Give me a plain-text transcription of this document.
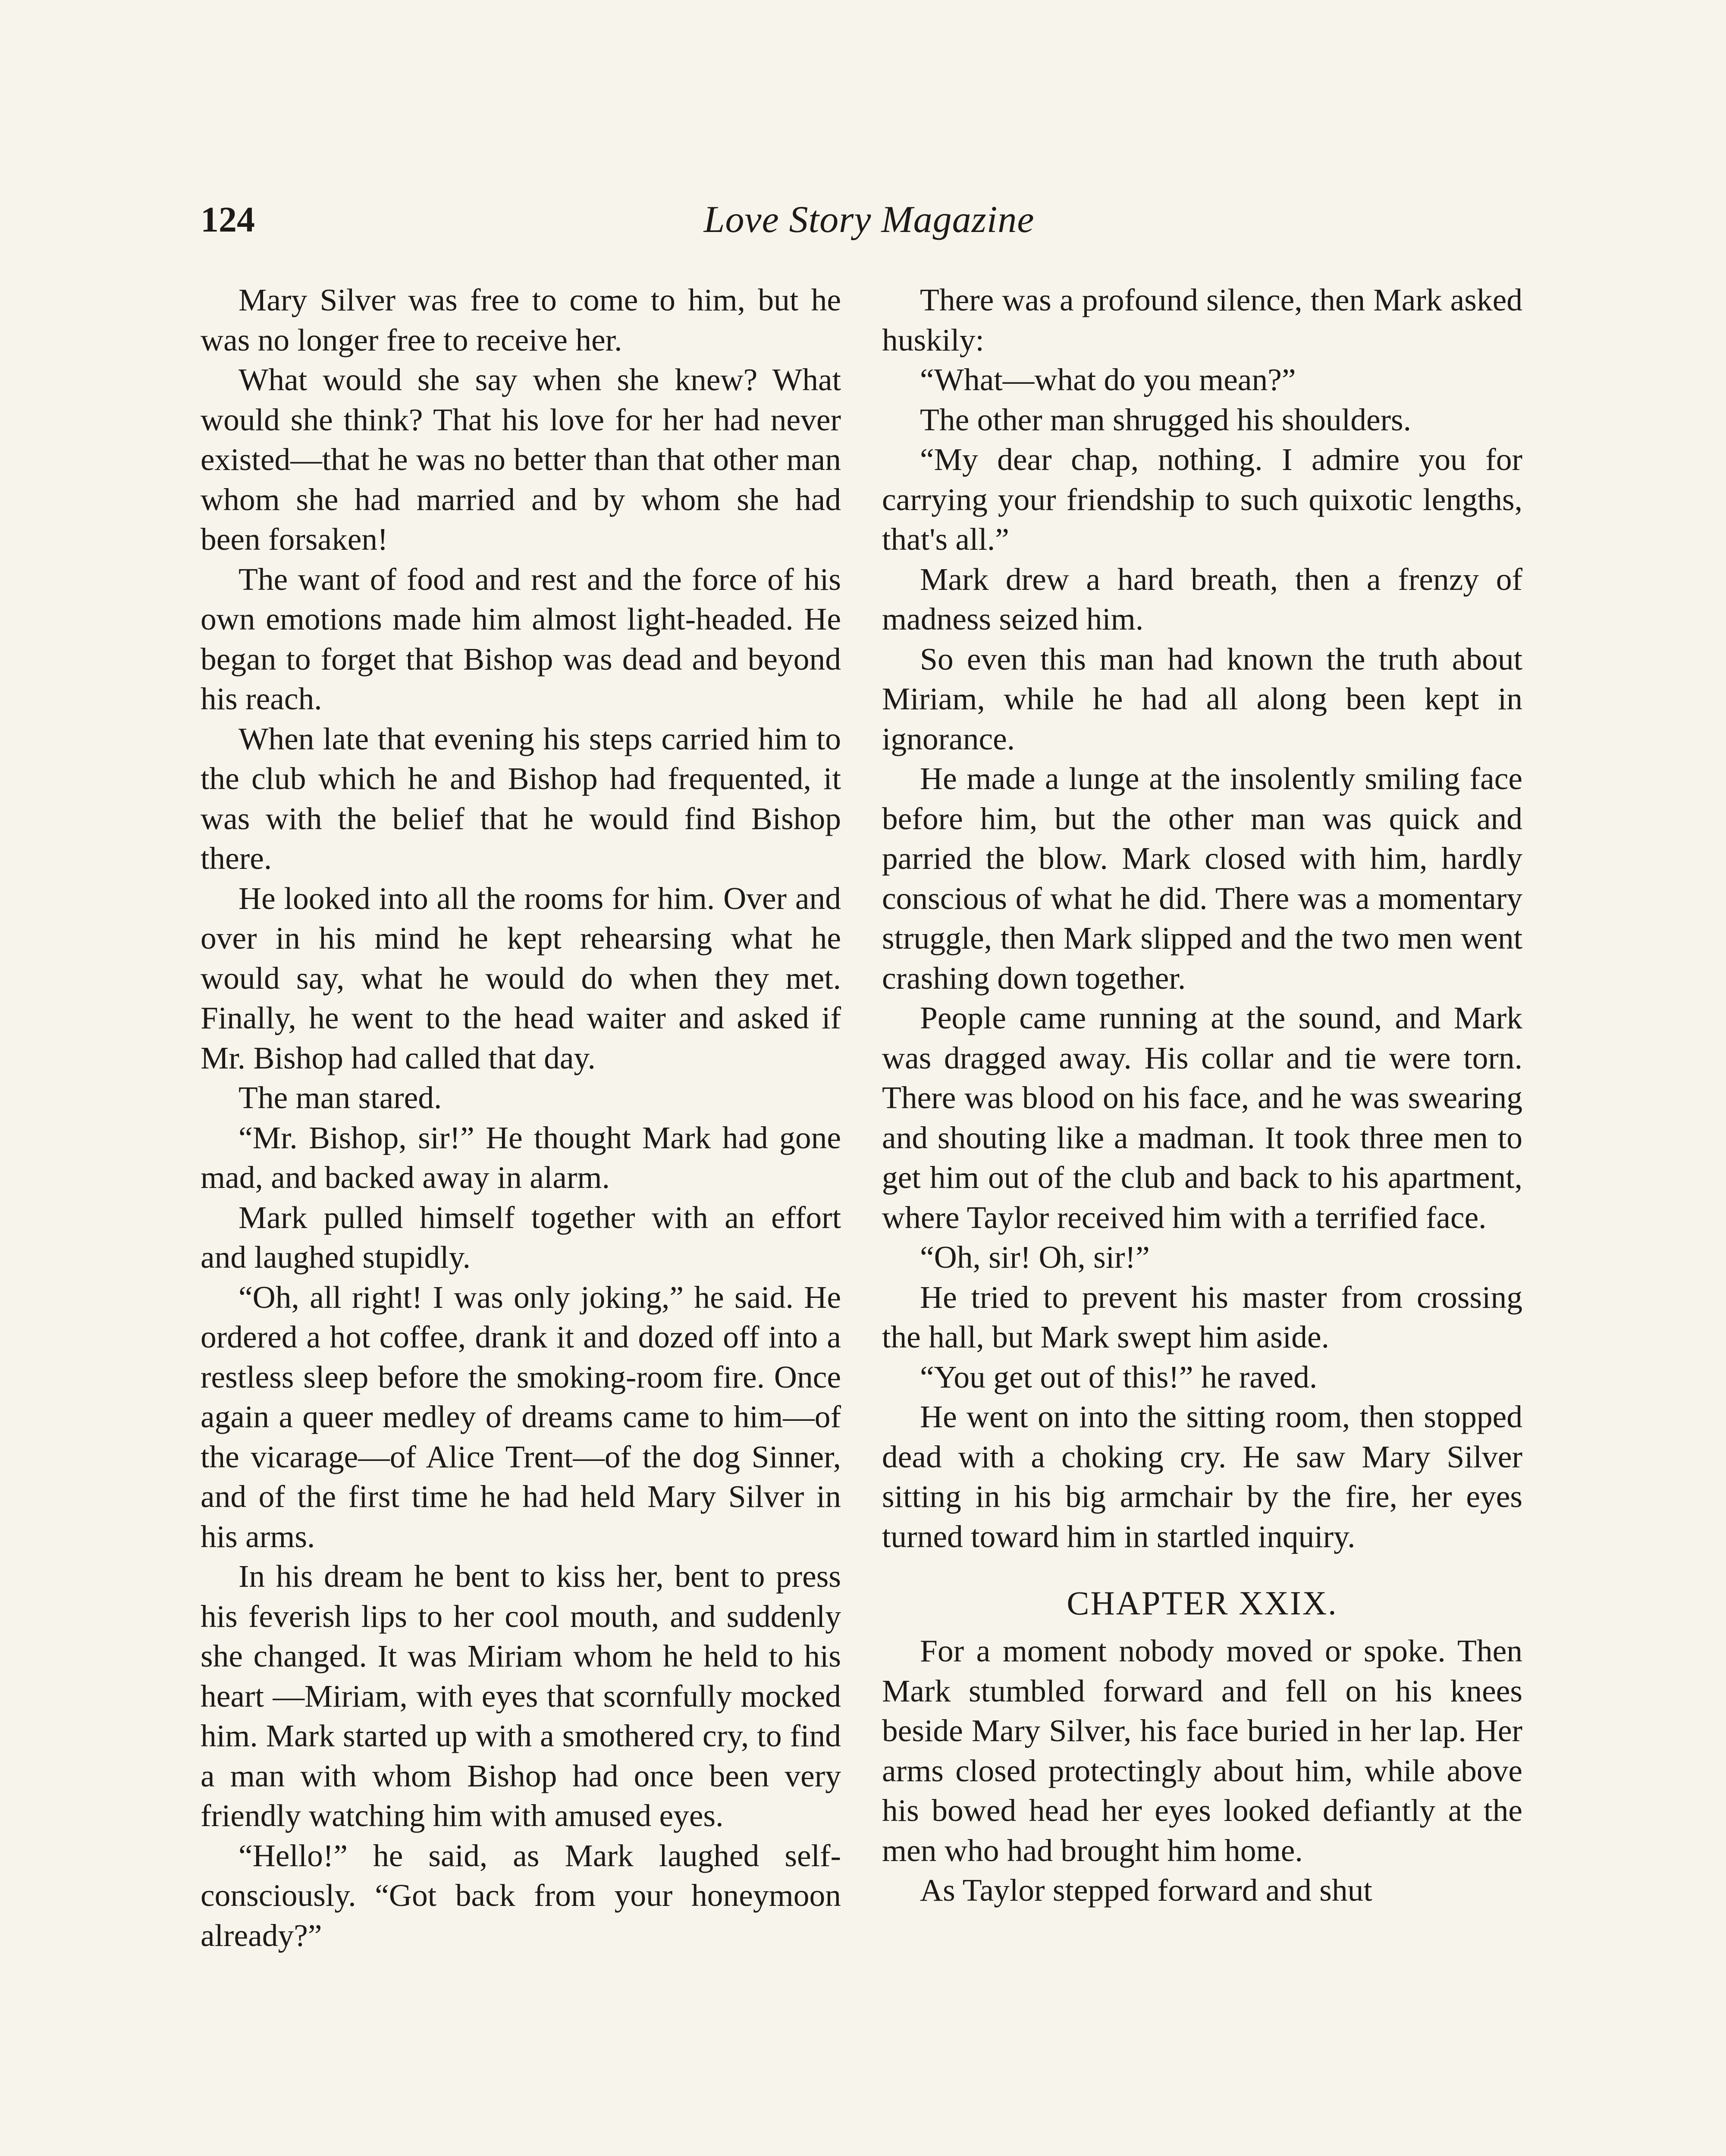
124	Love Story Magazine

Mary Silver was free to come to him, but he was no longer free to receive her.

What would she say when she knew? What would she think? That his love for her had never existed—that he was no better than that other man whom she had married and by whom she had been forsaken!

The want of food and rest and the force of his own emotions made him almost light-headed. He began to forget that Bishop was dead and beyond his reach.

When late that evening his steps carried him to the club which he and Bishop had frequented, it was with the belief that he would find Bishop there.

He looked into all the rooms for him. Over and over in his mind he kept rehearsing what he would say, what he would do when they met. Finally, he went to the head waiter and asked if Mr. Bishop had called that day.

The man stared.

“Mr. Bishop, sir!” He thought Mark had gone mad, and backed away in alarm.

Mark pulled himself together with an effort and laughed stupidly.

“Oh, all right! I was only joking,” he said. He ordered a hot coffee, drank it and dozed off into a restless sleep before the smoking-room fire. Once again a queer medley of dreams came to him—of the vicarage—of Alice Trent—of the dog Sinner, and of the first time he had held Mary Silver in his arms.

In his dream he bent to kiss her, bent to press his feverish lips to her cool mouth, and suddenly she changed. It was Miriam whom he held to his heart —Miriam, with eyes that scornfully mocked him. Mark started up with a smothered cry, to find a man with whom Bishop had once been very friendly watching him with amused eyes.

“Hello!” he said, as Mark laughed self-consciously. “Got back from your honeymoon already?”

There was a profound silence, then Mark asked huskily:

“What—what do you mean?”

The other man shrugged his shoulders.

“My dear chap, nothing. I admire you for carrying your friendship to such quixotic lengths, that's all.”

Mark drew a hard breath, then a frenzy of madness seized him.

So even this man had known the truth about Miriam, while he had all along been kept in ignorance.

He made a lunge at the insolently smiling face before him, but the other man was quick and parried the blow. Mark closed with him, hardly conscious of what he did. There was a momentary struggle, then Mark slipped and the two men went crashing down together.

People came running at the sound, and Mark was dragged away. His collar and tie were torn. There was blood on his face, and he was swearing and shouting like a madman. It took three men to get him out of the club and back to his apartment, where Taylor received him with a terrified face.

“Oh, sir! Oh, sir!”

He tried to prevent his master from crossing the hall, but Mark swept him aside.

“You get out of this!” he raved.

He went on into the sitting room, then stopped dead with a choking cry. He saw Mary Silver sitting in his big armchair by the fire, her eyes turned toward him in startled inquiry.

CHAPTER XXIX.

For a moment nobody moved or spoke. Then Mark stumbled forward and fell on his knees beside Mary Silver, his face buried in her lap. Her arms closed protectingly about him, while above his bowed head her eyes looked defiantly at the men who had brought him home.

As Taylor stepped forward and shut
